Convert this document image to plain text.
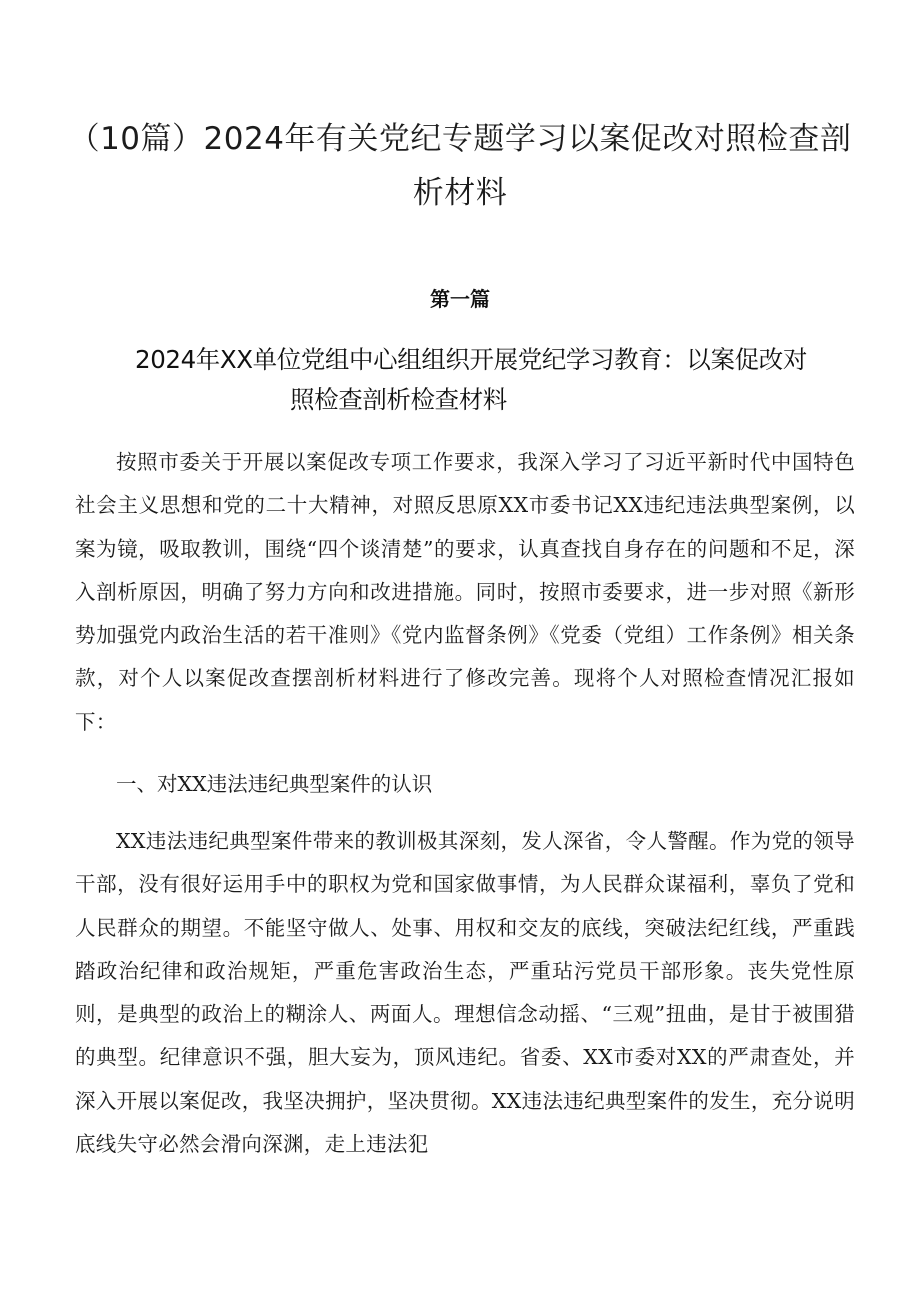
（10篇）2024年有关党纪专题学习以案促改对照检查剖析材料
第一篇
2024年XX单位党组中心组组织开展党纪学习教育：以案促改对
照检查剖析检查材料

按照市委关于开展以案促改专项工作要求，我深入学习了习近平新时代中国特色社会主义思想和党的二十大精神，对照反思原XX市委书记XX违纪违法典型案例，以案为镜，吸取教训，围绕“四个谈清楚”的要求，认真查找自身存在的问题和不足，深入剖析原因，明确了努力方向和改进措施。同时，按照市委要求，进一步对照《新形势加强党内政治生活的若干准则》《党内监督条例》《党委（党组）工作条例》相关条款，对个人以案促改查摆剖析材料进行了修改完善。现将个人对照检查情况汇报如下：

一、对XX违法违纪典型案件的认识

XX违法违纪典型案件带来的教训极其深刻，发人深省，令人警醒。作为党的领导干部，没有很好运用手中的职权为党和国家做事情，为人民群众谋福利，辜负了党和人民群众的期望。不能坚守做人、处事、用权和交友的底线，突破法纪红线，严重践踏政治纪律和政治规矩，严重危害政治生态，严重玷污党员干部形象。丧失党性原则，是典型的政治上的糊涂人、两面人。理想信念动摇、“三观”扭曲，是甘于被围猎的典型。纪律意识不强，胆大妄为，顶风违纪。省委、XX市委对XX的严肃查处，并深入开展以案促改，我坚决拥护，坚决贯彻。XX违法违纪典型案件的发生，充分说明底线失守必然会滑向深渊，走上违法犯
